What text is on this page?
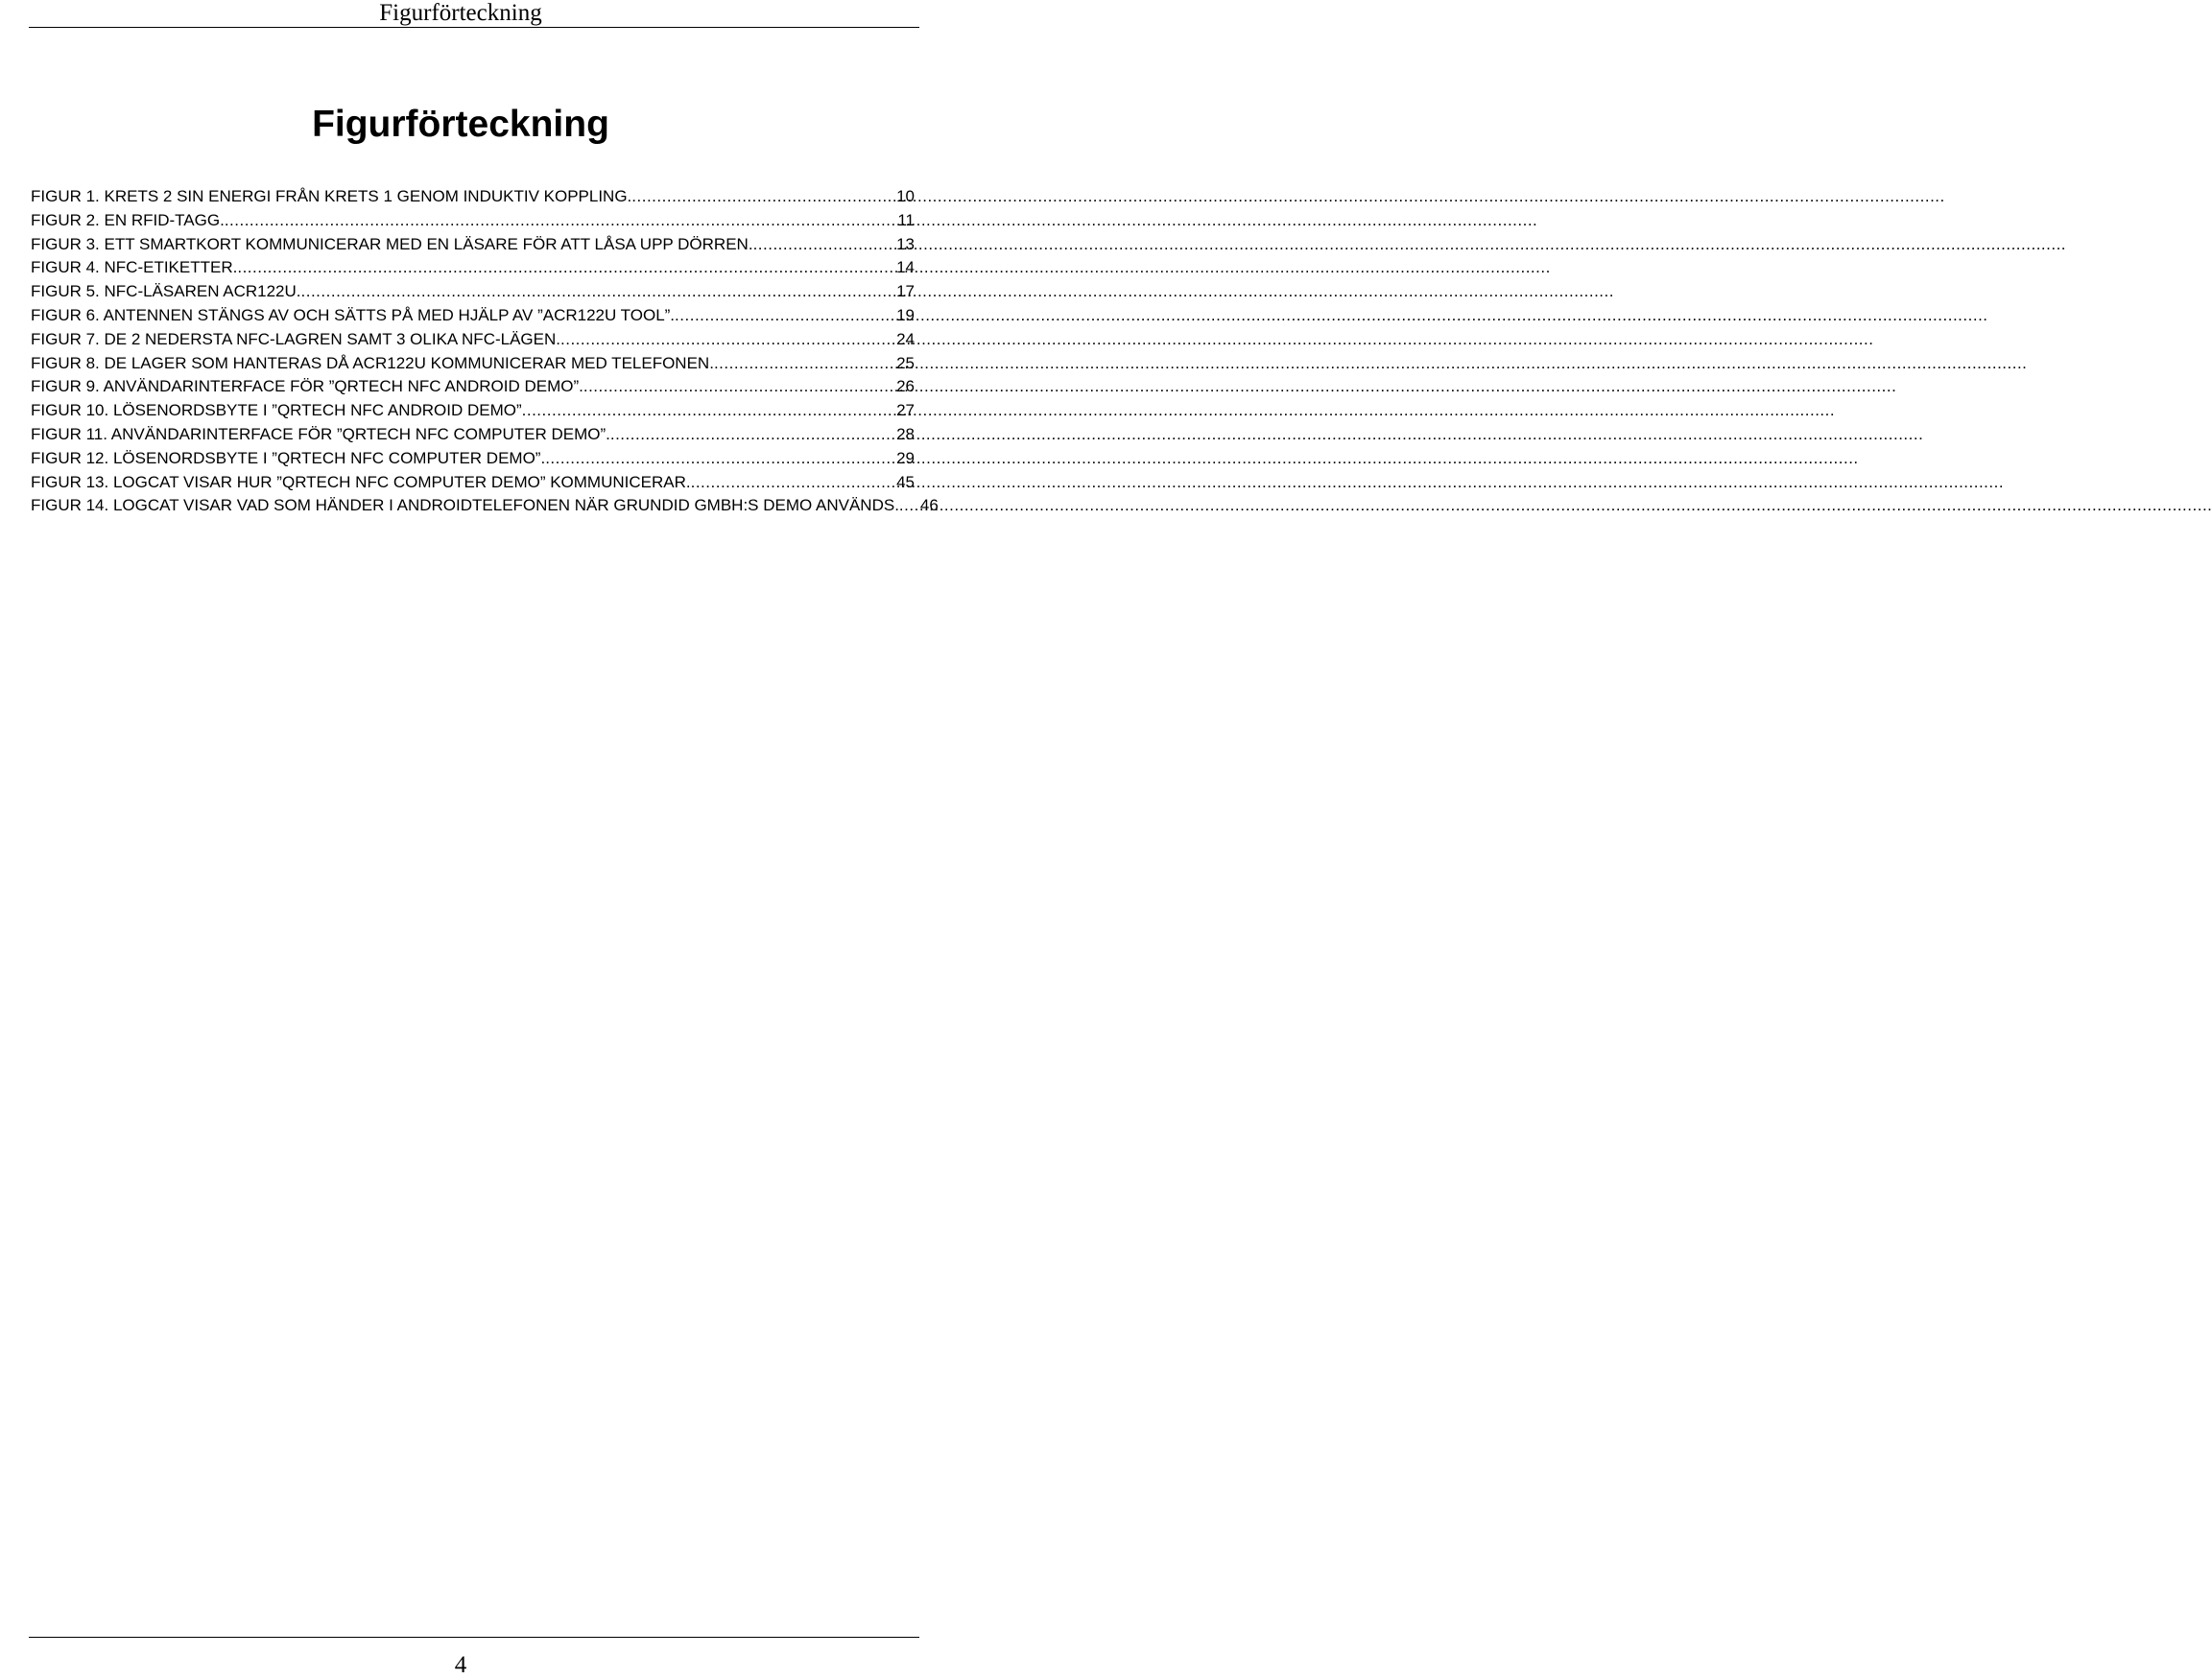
Figurförteckning
Figurförteckning
FIGUR 1. KRETS 2 SIN ENERGI FRÅN KRETS 1 GENOM INDUKTIV KOPPLING. .....	10
FIGUR 2. EN RFID-TAGG. .....	11
FIGUR 3. ETT SMARTKORT KOMMUNICERAR MED EN LÄSARE FÖR ATT LÅSA UPP DÖRREN. .....	13
FIGUR 4. NFC-ETIKETTER. .....	14
FIGUR 5. NFC-LÄSAREN ACR122U. .....	17
FIGUR 6. ANTENNEN STÄNGS AV OCH SÄTTS PÅ MED HJÄLP AV ”ACR122U TOOL”. .....	19
FIGUR 7. DE 2 NEDERSTA NFC-LAGREN SAMT 3 OLIKA NFC-LÄGEN. .....	24
FIGUR 8. DE LAGER SOM HANTERAS DÅ ACR122U KOMMUNICERAR MED TELEFONEN. .....	25
FIGUR 9. ANVÄNDARINTERFACE FÖR ”QRTECH NFC ANDROID DEMO”. .....	26
FIGUR 10. LÖSENORDSBYTE I ”QRTECH NFC ANDROID DEMO” .....	27
FIGUR 11. ANVÄNDARINTERFACE FÖR ”QRTECH NFC COMPUTER DEMO”. .....	28
FIGUR 12. LÖSENORDSBYTE I ”QRTECH NFC COMPUTER DEMO”. .....	29
FIGUR 13. LOGCAT VISAR HUR ”QRTECH NFC COMPUTER DEMO” KOMMUNICERAR. .....	45
FIGUR 14. LOGCAT VISAR VAD SOM HÄNDER I ANDROIDTELEFONEN NÄR GRUNDID GMBH:S DEMO ANVÄNDS. ..... 46
4
